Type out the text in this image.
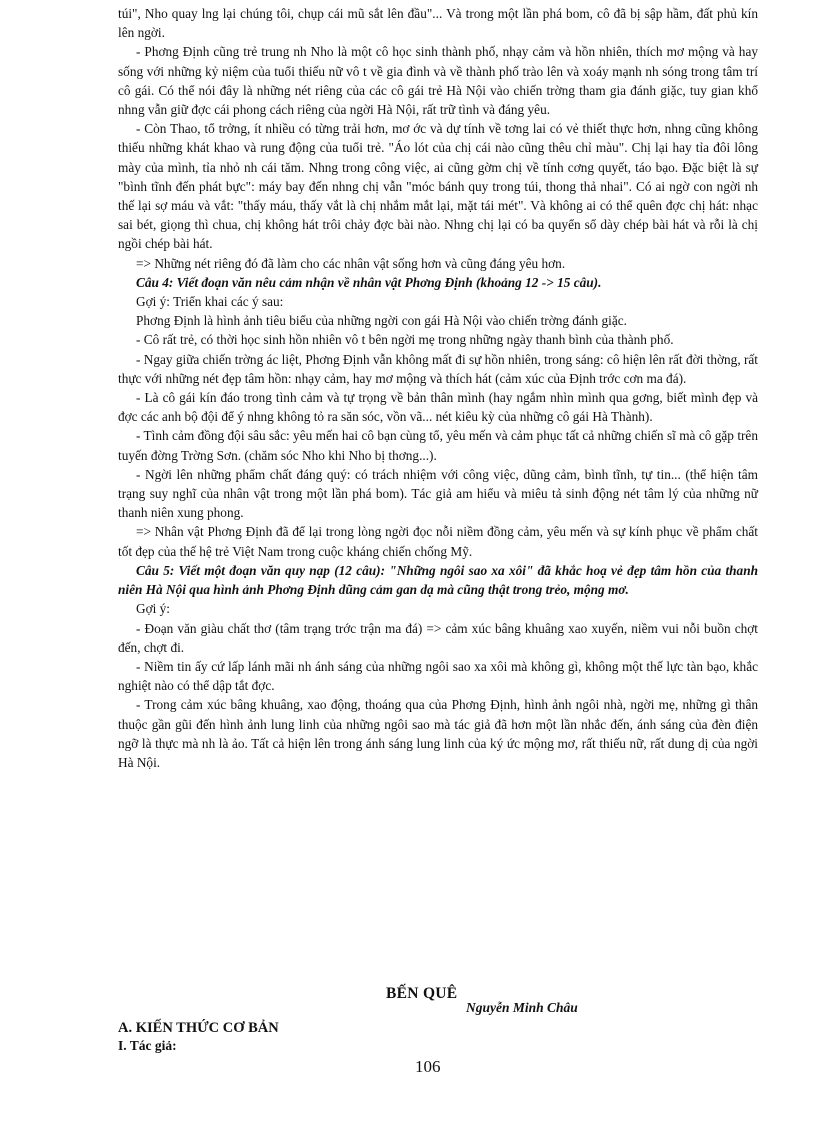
túi", Nho quay lng lại chúng tôi, chụp cái mũ sắt lên đầu"... Và trong một lần phá bom, cô đã bị sập hầm, đất phủ kín lên ngời.

- Phơng Định cũng trẻ trung nh Nho là một cô học sinh thành phố, nhạy cảm và hồn nhiên, thích mơ mộng và hay sống với những kỷ niệm của tuổi thiếu nữ vô t về gia đình và về thành phố trào lên và xoáy mạnh nh sóng trong tâm trí cô gái. Có thể nói đây là những nét riêng của các cô gái trẻ Hà Nội vào chiến trờng tham gia đánh giặc, tuy gian khổ nhng vẫn giữ đợc cái phong cách riêng của ngời Hà Nội, rất trữ tình và đáng yêu.

- Còn Thao, tổ trởng, ít nhiều có từng trải hơn, mơ ớc và dự tính về tơng lai có vẻ thiết thực hơn, nhng cũng không thiếu những khát khao và rung động của tuổi trẻ. "Áo lót của chị cái nào cũng thêu chỉ màu". Chị lại hay tỉa đôi lông mày của mình, tỉa nhỏ nh cái tăm. Nhng trong công việc, ai cũng gờm chị về tính cơng quyết, táo bạo. Đặc biệt là sự "bình tĩnh đến phát bực": máy bay đến nhng chị vẫn "móc bánh quy trong túi, thong thả nhai". Có ai ngờ con ngời nh thế lại sợ máu và vắt: "thấy máu, thấy vắt là chị nhắm mắt lại, mặt tái mét". Và không ai có thể quên đợc chị hát: nhạc sai bét, giọng thì chua, chị không hát trôi chảy đợc bài nào. Nhng chị lại có ba quyển sổ dày chép bài hát và rỗi là chị ngồi chép bài hát.

=> Những nét riêng đó đã làm cho các nhân vật sống hơn và cũng đáng yêu hơn.

Câu 4: Viết đoạn văn nêu cảm nhận về nhân vật Phơng Định (khoảng 12 -> 15 câu).

Gợi ý: Triển khai các ý sau:

Phơng Định là hình ảnh tiêu biểu của những ngời con gái Hà Nội vào chiến trờng đánh giặc.

- Cô rất trẻ, có thời học sinh hồn nhiên vô t bên ngời mẹ trong những ngày thanh bình của thành phố.

- Ngay giữa chiến trờng ác liệt, Phơng Định vẫn không mất đi sự hồn nhiên, trong sáng: cô hiện lên rất đời thờng, rất thực với những nét đẹp tâm hồn: nhạy cảm, hay mơ mộng và thích hát (cảm xúc của Định trớc cơn ma đá).

- Là cô gái kín đáo trong tình cảm và tự trọng về bản thân mình (hay ngắm nhìn mình qua gơng, biết mình đẹp và đợc các anh bộ đội để ý nhng không tỏ ra săn sóc, vồn vã... nét kiêu kỳ của những cô gái Hà Thành).

- Tình cảm đồng đội sâu sắc: yêu mến hai cô bạn cùng tổ, yêu mến và cảm phục tất cả những chiến sĩ mà cô gặp trên tuyến đờng Trờng Sơn. (chăm sóc Nho khi Nho bị thơng...).

- Ngời lên những phẩm chất đáng quý: có trách nhiệm với công việc, dũng cảm, bình tĩnh, tự tin... (thể hiện tâm trạng suy nghĩ của nhân vật trong một lần phá bom). Tác giả am hiểu và miêu tả sinh động nét tâm lý của những nữ thanh niên xung phong.

=> Nhân vật Phơng Định đã để lại trong lòng ngời đọc nỗi niềm đồng cảm, yêu mến và sự kính phục về phẩm chất tốt đẹp của thế hệ trẻ Việt Nam trong cuộc kháng chiến chống Mỹ.

Câu 5: Viết một đoạn văn quy nạp (12 câu): "Những ngôi sao xa xôi" đã khắc hoạ vẻ đẹp tâm hồn của thanh niên Hà Nội qua hình ảnh Phơng Định dũng cảm gan dạ mà cũng thật trong trẻo, mộng mơ.

Gợi ý:

- Đoạn văn giàu chất thơ (tâm trạng trớc trận ma đá) => cảm xúc bâng khuâng xao xuyến, niềm vui nỗi buồn chợt đến, chợt đi.

- Niềm tin ấy cứ lấp lánh mãi nh ánh sáng của những ngôi sao xa xôi mà không gì, không một thế lực tàn bạo, khắc nghiệt nào có thể dập tắt đợc.

- Trong cảm xúc bâng khuâng, xao động, thoáng qua của Phơng Định, hình ảnh ngôi nhà, ngời mẹ, những gì thân thuộc gần gũi đến hình ảnh lung linh của những ngôi sao mà tác giả đã hơn một lần nhắc đến, ánh sáng của đèn điện ngỡ là thực mà nh là ảo. Tất cả hiện lên trong ánh sáng lung linh của ký ức mộng mơ, rất thiếu nữ, rất dung dị của ngời Hà Nội.

BẾN QUÊ
Nguyễn Minh Châu
A. KIẾN THỨC CƠ BẢN
I. Tác giả:
106
